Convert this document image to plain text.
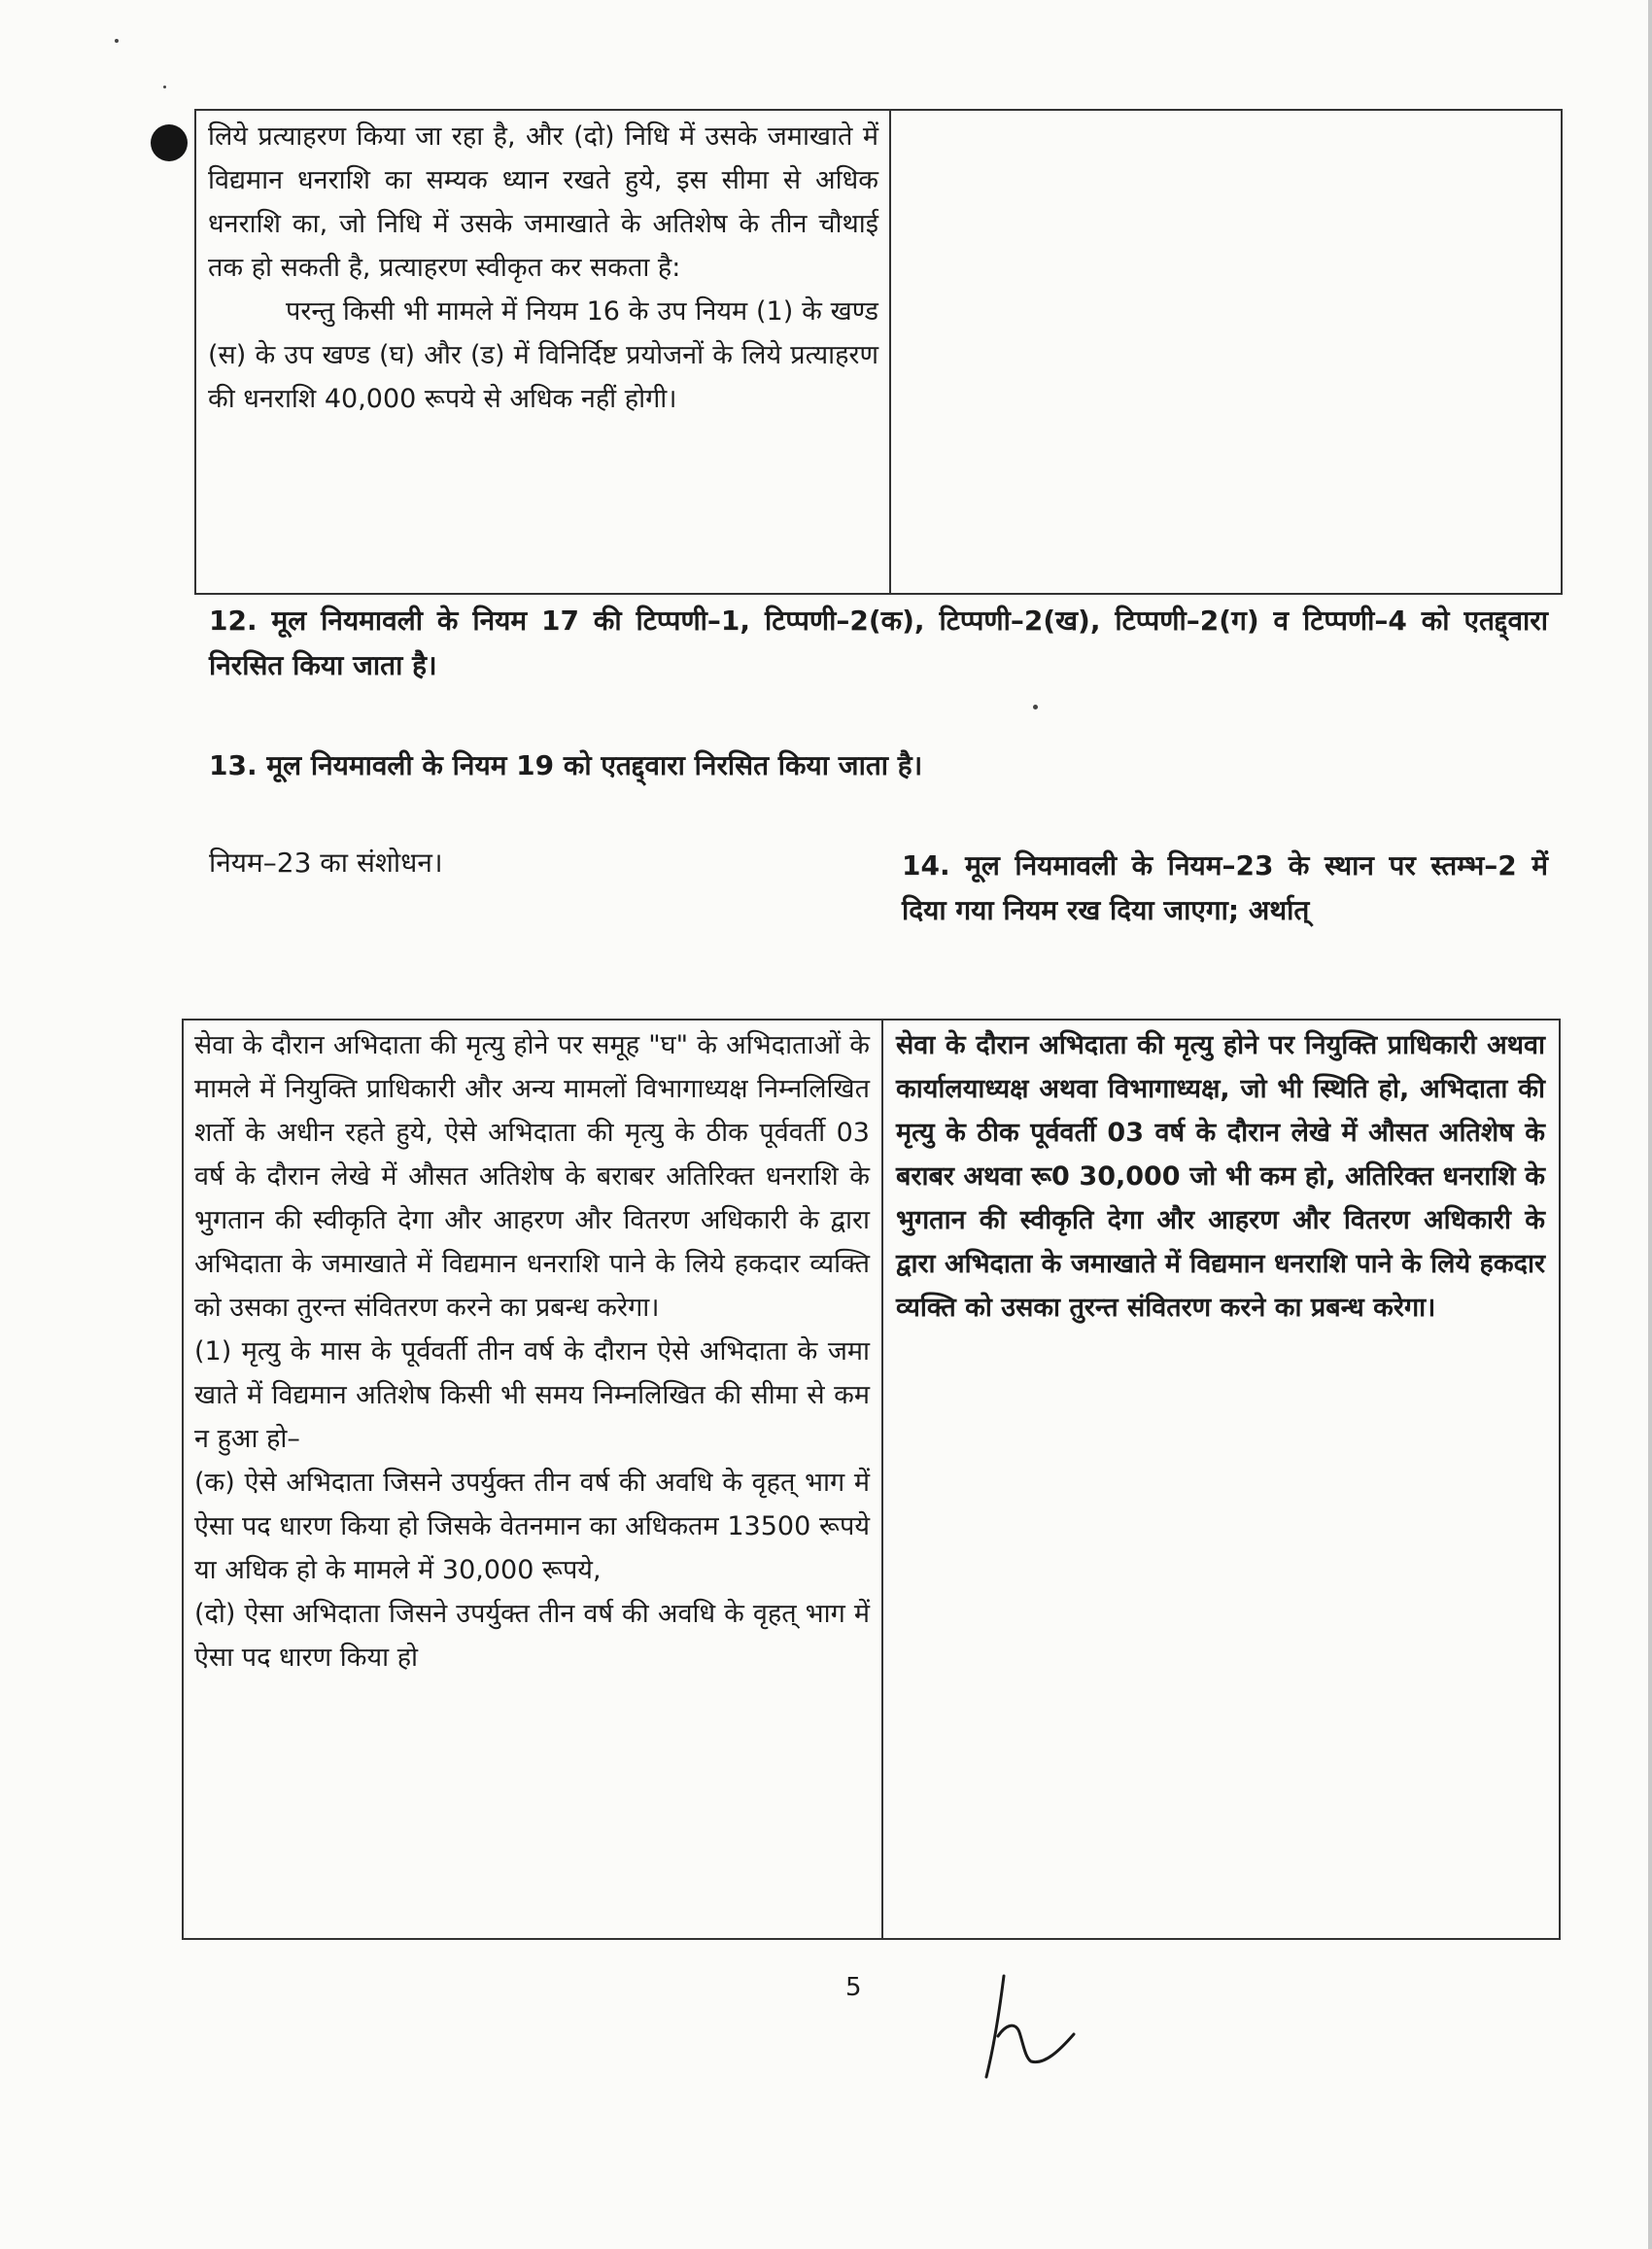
लिये प्रत्याहरण किया जा रहा है, और (दो) निधि में उसके जमाखाते में विद्यमान धनराशि का सम्यक ध्यान रखते हुये, इस सीमा से अधिक धनराशि का, जो निधि में उसके जमाखाते के अतिशेष के तीन चौथाई तक हो सकती है, प्रत्याहरण स्वीकृत कर सकता है:

परन्तु किसी भी मामले में नियम 16 के उप नियम (1) के खण्ड (स) के उप खण्ड (घ) और (ड) में विनिर्दिष्ट प्रयोजनों के लिये प्रत्याहरण की धनराशि 40,000 रूपये से अधिक नहीं होगी।

12. मूल नियमावली के नियम 17 की टिप्पणी–1, टिप्पणी–2(क), टिप्पणी–2(ख), टिप्पणी–2(ग) व टिप्पणी–4 को एतद्द्वारा निरसित किया जाता है।
13. मूल नियमावली के नियम 19 को एतद्द्वारा निरसित किया जाता है।
नियम–23 का संशोधन।	14. मूल नियमावली के नियम–23 के स्थान पर स्तम्भ–2 में दिया गया नियम रख दिया जाएगा; अर्थात्

सेवा के दौरान अभिदाता की मृत्यु होने पर समूह "घ" के अभिदाताओं के मामले में नियुक्ति प्राधिकारी और अन्य मामलों विभागाध्यक्ष निम्नलिखित शर्तो के अधीन रहते हुये, ऐसे अभिदाता की मृत्यु के ठीक पूर्ववर्ती 03 वर्ष के दौरान लेखे में औसत अतिशेष के बराबर अतिरिक्त धनराशि के भुगतान की स्वीकृति देगा और आहरण और वितरण अधिकारी के द्वारा अभिदाता के जमाखाते में विद्यमान धनराशि पाने के लिये हकदार व्यक्ति को उसका तुरन्त संवितरण करने का प्रबन्ध करेगा।

(1) मृत्यु के मास के पूर्ववर्ती तीन वर्ष के दौरान ऐसे अभिदाता के जमा खाते में विद्यमान अतिशेष किसी भी समय निम्नलिखित की सीमा से कम न हुआ हो–

(क) ऐसे अभिदाता जिसने उपर्युक्त तीन वर्ष की अवधि के वृहत् भाग में ऐसा पद धारण किया हो जिसके वेतनमान का अधिकतम 13500 रूपये या अधिक हो के मामले में 30,000 रूपये,

(दो) ऐसा अभिदाता जिसने उपर्युक्त तीन वर्ष की अवधि के वृहत् भाग में ऐसा पद धारण किया हो

सेवा के दौरान अभिदाता की मृत्यु होने पर नियुक्ति प्राधिकारी अथवा कार्यालयाध्यक्ष अथवा विभागाध्यक्ष, जो भी स्थिति हो, अभिदाता की मृत्यु के ठीक पूर्ववर्ती 03 वर्ष के दौरान लेखे में औसत अतिशेष के बराबर अथवा रू0 30,000 जो भी कम हो, अतिरिक्त धनराशि के भुगतान की स्वीकृति देगा और आहरण और वितरण अधिकारी के द्वारा अभिदाता के जमाखाते में विद्यमान धनराशि पाने के लिये हकदार व्यक्ति को उसका तुरन्त संवितरण करने का प्रबन्ध करेगा।
5
